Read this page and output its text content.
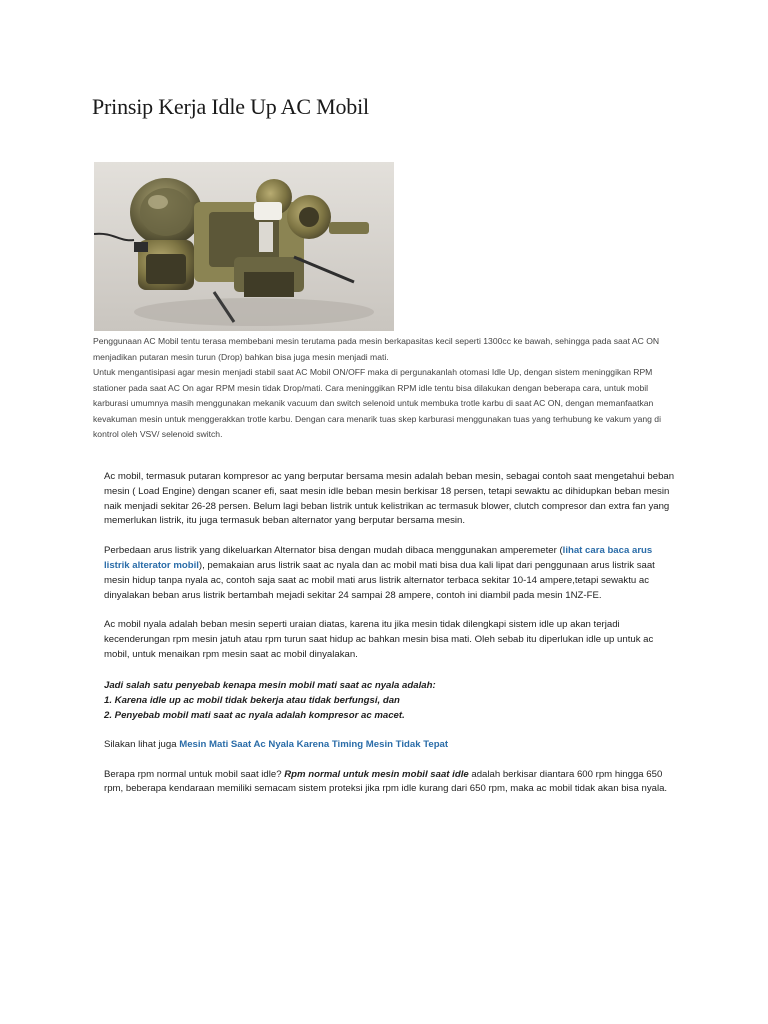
Prinsip Kerja Idle Up AC Mobil

Penggunaan AC Mobil tentu terasa membebani mesin terutama pada mesin berkapasitas kecil seperti 1300cc ke bawah, sehingga pada saat AC ON menjadikan putaran mesin turun (Drop) bahkan bisa juga mesin menjadi mati.

Untuk mengantisipasi agar mesin menjadi stabil saat AC Mobil ON/OFF maka di pergunakanlah otomasi Idle Up, dengan sistem meninggikan RPM stationer pada saat AC On agar RPM mesin tidak Drop/mati. Cara meninggikan RPM idle tentu bisa dilakukan dengan beberapa cara, untuk mobil karburasi umumnya masih menggunakan mekanik vacuum dan switch selenoid untuk membuka trotle karbu di saat AC ON, dengan memanfaatkan kevakuman mesin untuk menggerakkan trotle karbu. Dengan cara menarik tuas skep karburasi menggunakan tuas yang terhubung ke vakum yang di kontrol oleh VSV/ selenoid switch.

Ac mobil, termasuk putaran kompresor ac yang berputar bersama mesin adalah beban mesin, sebagai contoh saat mengetahui beban mesin ( Load Engine) dengan scaner efi, saat mesin idle beban mesin berkisar 18 persen, tetapi sewaktu ac dihidupkan beban mesin naik menjadi sekitar 26-28 persen. Belum lagi beban listrik untuk kelistrikan ac termasuk blower, clutch compresor dan extra fan yang memerlukan listrik, itu juga termasuk beban alternator yang berputar bersama mesin.

Perbedaan arus listrik yang dikeluarkan Alternator bisa dengan mudah dibaca menggunakan amperemeter (lihat cara baca arus listrik alterator mobil), pemakaian arus listrik saat ac nyala dan ac mobil mati bisa dua kali lipat dari penggunaan arus listrik saat mesin hidup tanpa nyala ac, contoh saja saat ac mobil mati arus listrik alternator terbaca sekitar 10-14 ampere,tetapi sewaktu ac dinyalakan beban arus listrik bertambah mejadi sekitar 24 sampai 28 ampere, contoh ini diambil pada mesin 1NZ-FE.

Ac mobil nyala adalah beban mesin seperti uraian diatas, karena itu jika mesin tidak dilengkapi sistem idle up akan terjadi kecenderungan rpm mesin jatuh atau rpm turun saat hidup ac bahkan mesin bisa mati. Oleh sebab itu diperlukan idle up untuk ac mobil, untuk menaikan rpm mesin saat ac mobil dinyalakan.

Jadi salah satu penyebab kenapa mesin mobil mati saat ac nyala adalah:
1. Karena idle up ac mobil tidak bekerja atau tidak berfungsi, dan
2. Penyebab mobil mati saat ac nyala adalah kompresor ac macet.

Silakan lihat juga Mesin Mati Saat Ac Nyala Karena Timing Mesin Tidak Tepat

Berapa rpm normal untuk mobil saat idle? Rpm normal untuk mesin mobil saat idle adalah berkisar diantara 600 rpm hingga 650 rpm, beberapa kendaraan memiliki semacam sistem proteksi jika rpm idle kurang dari 650 rpm, maka ac mobil tidak akan bisa nyala.
